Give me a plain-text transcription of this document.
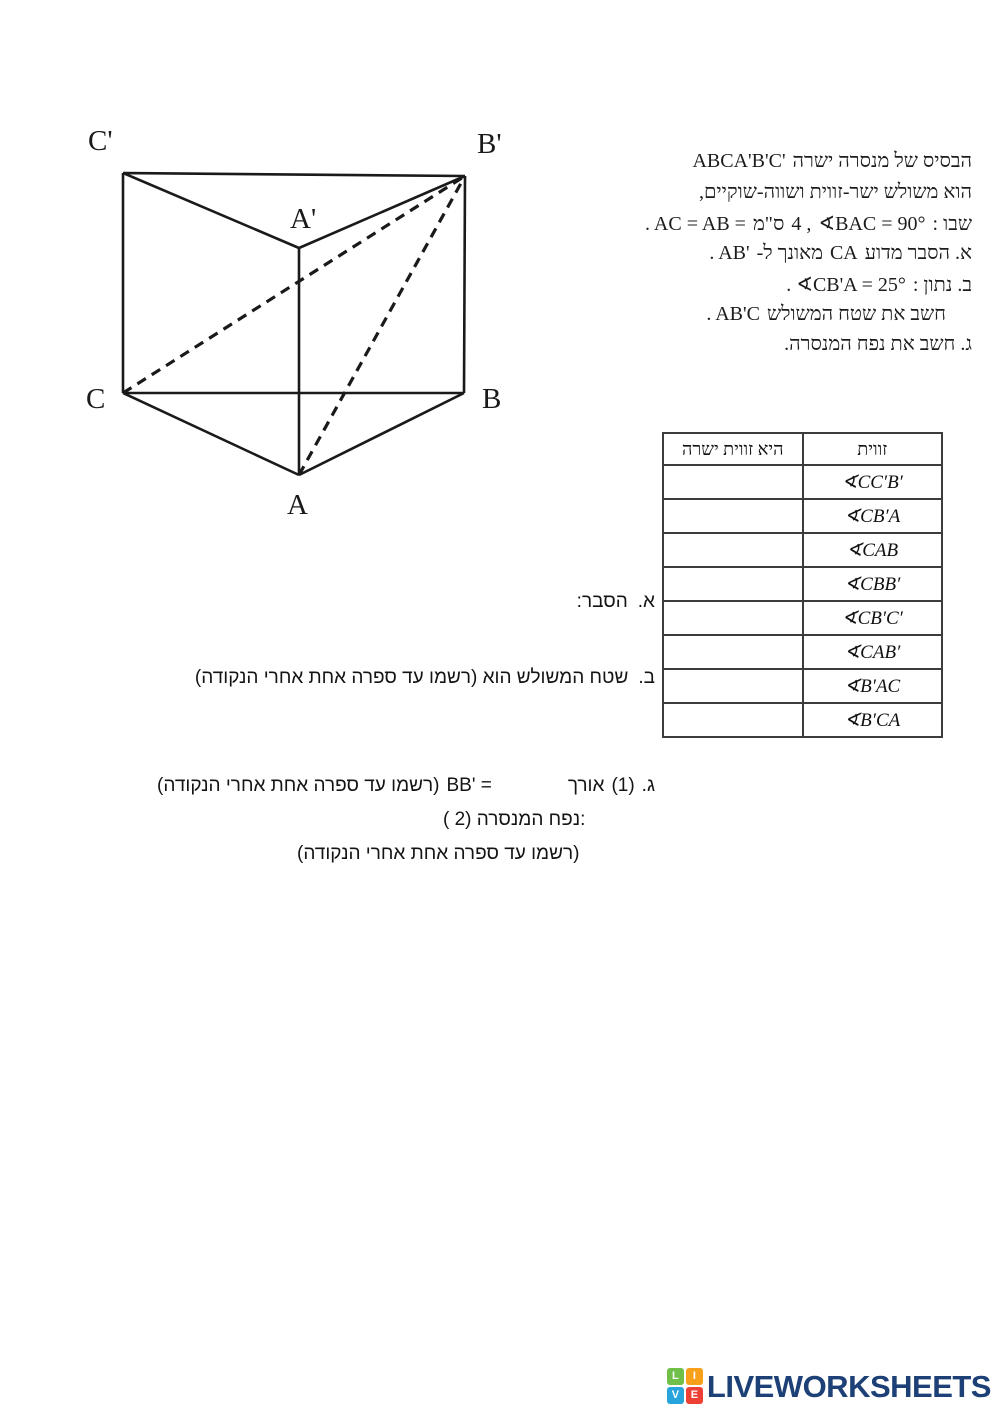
C'	B'
A'
C	B
A
ABCA'B'C' הבסיס של מנסרה ישרה
הוא משולש ישר-זווית ושווה-שוקיים,
. AC = AB = ס"מ 4 , ∢BAC = 90° שבו :
. AB' מאונך ל- CA א. הסבר מדוע
. ∢CB'A = 25° ב. נתון :
. AB'C חשב את שטח המשולש
ג. חשב את נפח המנסרה.
היא זווית ישרה	זווית
	∢CC′B′
	∢CB′A
	∢CAB
	∢CBB′
	∢CB′C′
	∢CAB′
	∢B′AC
	∢B′CA
הסבר: א.
שטח המשולש הוא (רשמו עד ספרה אחת אחרי הנקודה) ב.
(רשמו עד ספרה אחת אחרי הנקודה) BB' =	אורך (1) ג.
( 2) נפח המנסרה:
(רשמו עד ספרה אחת אחרי הנקודה)
L	I
V	E LIVEWORKSHEETS
